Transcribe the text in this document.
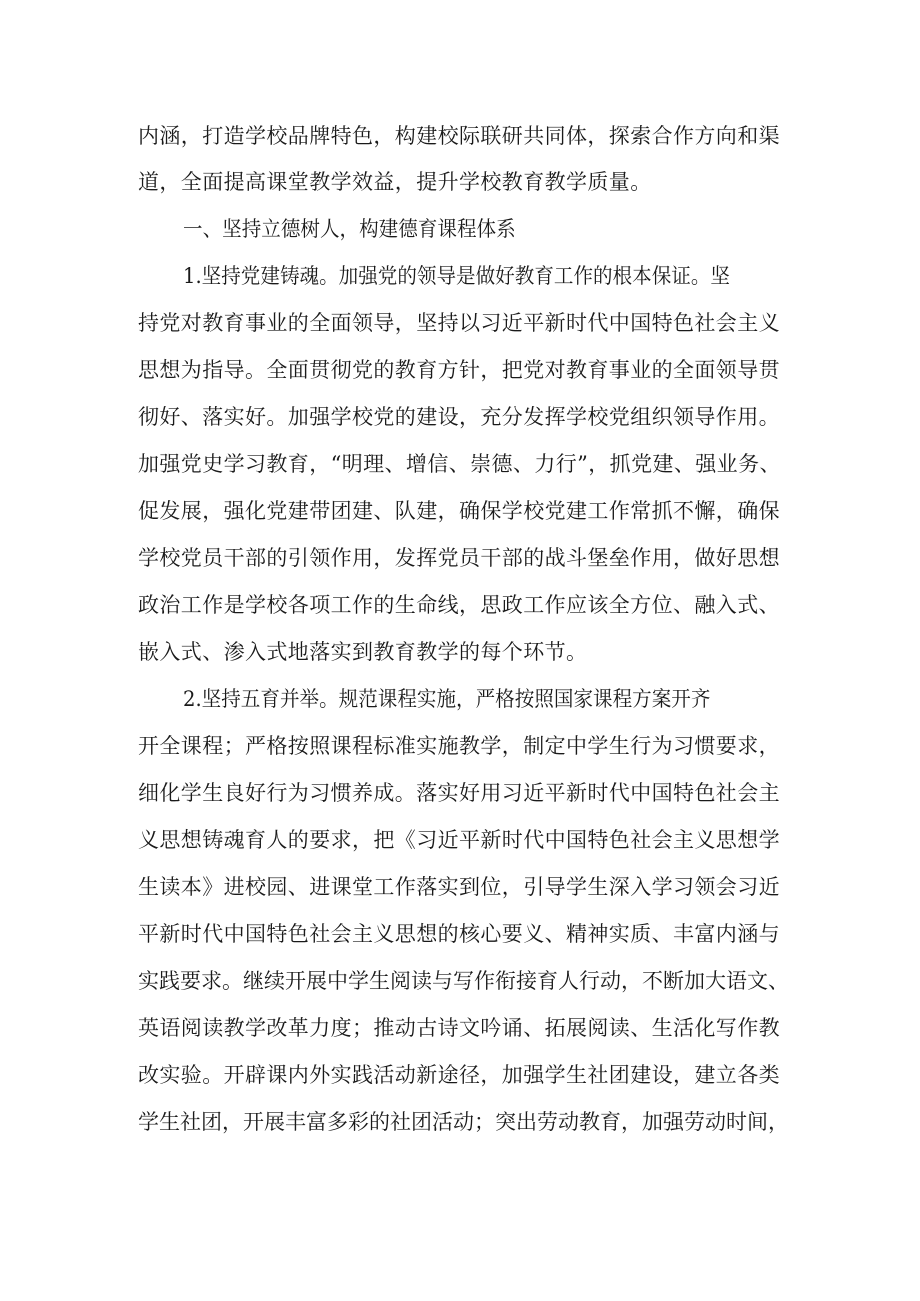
内涵，打造学校品牌特色，构建校际联研共同体，探索合作方向和渠
道，全面提高课堂教学效益，提升学校教育教学质量。
一、坚持立德树人，构建德育课程体系
1.坚持党建铸魂。加强党的领导是做好教育工作的根本保证。坚
持党对教育事业的全面领导，坚持以习近平新时代中国特色社会主义
思想为指导。全面贯彻党的教育方针，把党对教育事业的全面领导贯
彻好、落实好。加强学校党的建设，充分发挥学校党组织领导作用。
加强党史学习教育，“明理、增信、崇德、力行”，抓党建、强业务、
促发展，强化党建带团建、队建，确保学校党建工作常抓不懈，确保
学校党员干部的引领作用，发挥党员干部的战斗堡垒作用，做好思想
政治工作是学校各项工作的生命线，思政工作应该全方位、融入式、
嵌入式、渗入式地落实到教育教学的每个环节。
2.坚持五育并举。规范课程实施，严格按照国家课程方案开齐
开全课程；严格按照课程标准实施教学，制定中学生行为习惯要求，
细化学生良好行为习惯养成。落实好用习近平新时代中国特色社会主
义思想铸魂育人的要求，把《习近平新时代中国特色社会主义思想学
生读本》进校园、进课堂工作落实到位，引导学生深入学习领会习近
平新时代中国特色社会主义思想的核心要义、精神实质、丰富内涵与
实践要求。继续开展中学生阅读与写作衔接育人行动，不断加大语文、
英语阅读教学改革力度；推动古诗文吟诵、拓展阅读、生活化写作教
改实验。开辟课内外实践活动新途径，加强学生社团建设，建立各类
学生社团，开展丰富多彩的社团活动；突出劳动教育，加强劳动时间，
